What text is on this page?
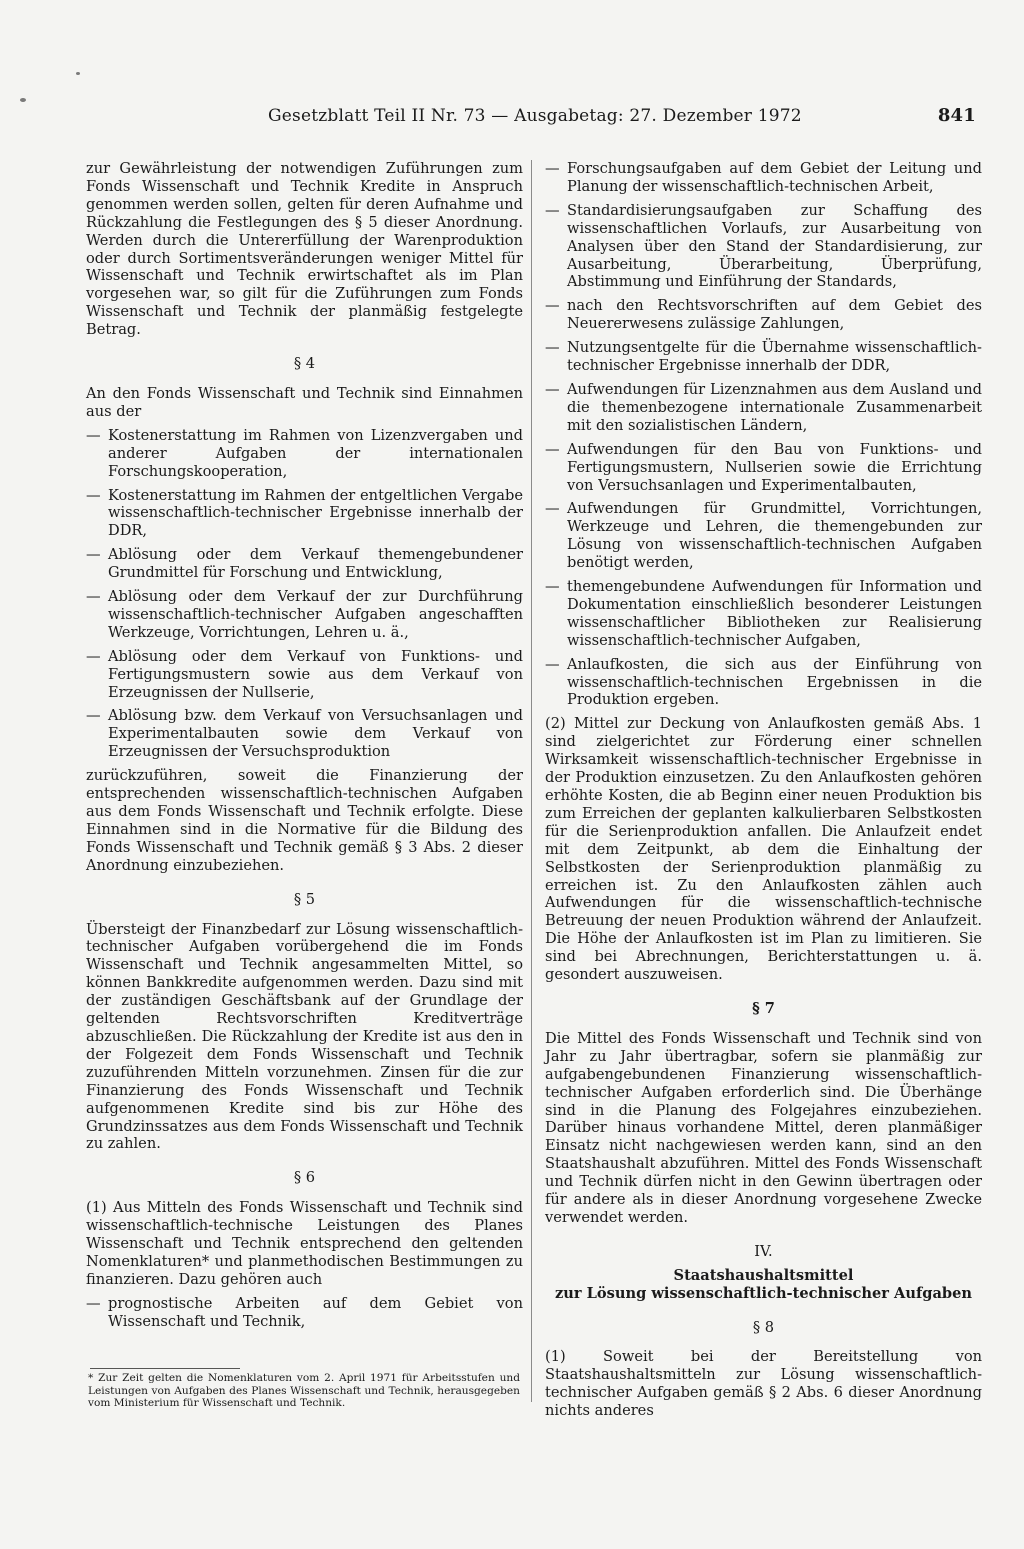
Gesetzblatt Teil II Nr. 73 — Ausgabetag: 27. Dezember 1972	841

zur Gewährleistung der notwendigen Zuführungen zum Fonds Wissenschaft und Technik Kredite in Anspruch genommen werden sollen, gelten für deren Aufnahme und Rückzahlung die Festlegungen des § 5 dieser Anordnung. Werden durch die Untererfüllung der Warenproduktion oder durch Sortimentsveränderungen weniger Mittel für Wissenschaft und Technik erwirtschaftet als im Plan vorgesehen war, so gilt für die Zuführungen zum Fonds Wissenschaft und Technik der planmäßig festgelegte Betrag.

§ 4

An den Fonds Wissenschaft und Technik sind Einnahmen aus der

— Kostenerstattung im Rahmen von Lizenzvergaben und anderer Aufgaben der internationalen Forschungskooperation,
— Kostenerstattung im Rahmen der entgeltlichen Vergabe wissenschaftlich-technischer Ergebnisse innerhalb der DDR,
— Ablösung oder dem Verkauf themengebundener Grundmittel für Forschung und Entwicklung,
— Ablösung oder dem Verkauf der zur Durchführung wissenschaftlich-technischer Aufgaben angeschafften Werkzeuge, Vorrichtungen, Lehren u. ä.,
— Ablösung oder dem Verkauf von Funktions- und Fertigungsmustern sowie aus dem Verkauf von Erzeugnissen der Nullserie,
— Ablösung bzw. dem Verkauf von Versuchsanlagen und Experimentalbauten sowie dem Verkauf von Erzeugnissen der Versuchsproduktion

zurückzuführen, soweit die Finanzierung der entsprechenden wissenschaftlich-technischen Aufgaben aus dem Fonds Wissenschaft und Technik erfolgte. Diese Einnahmen sind in die Normative für die Bildung des Fonds Wissenschaft und Technik gemäß § 3 Abs. 2 dieser Anordnung einzubeziehen.

§ 5

Übersteigt der Finanzbedarf zur Lösung wissenschaftlich-technischer Aufgaben vorübergehend die im Fonds Wissenschaft und Technik angesammelten Mittel, so können Bankkredite aufgenommen werden. Dazu sind mit der zuständigen Geschäftsbank auf der Grundlage der geltenden Rechtsvorschriften Kreditverträge abzuschließen. Die Rückzahlung der Kredite ist aus den in der Folgezeit dem Fonds Wissenschaft und Technik zuzuführenden Mitteln vorzunehmen. Zinsen für die zur Finanzierung des Fonds Wissenschaft und Technik aufgenommenen Kredite sind bis zur Höhe des Grundzinssatzes aus dem Fonds Wissenschaft und Technik zu zahlen.

§ 6

(1) Aus Mitteln des Fonds Wissenschaft und Technik sind wissenschaftlich-technische Leistungen des Planes Wissenschaft und Technik entsprechend den geltenden Nomenklaturen* und planmethodischen Bestimmungen zu finanzieren. Dazu gehören auch

— prognostische Arbeiten auf dem Gebiet von Wissenschaft und Technik,

* Zur Zeit gelten die Nomenklaturen vom 2. April 1971 für Arbeitsstufen und Leistungen von Aufgaben des Planes Wissenschaft und Technik, herausgegeben vom Ministerium für Wissenschaft und Technik.

— Forschungsaufgaben auf dem Gebiet der Leitung und Planung der wissenschaftlich-technischen Arbeit,
— Standardisierungsaufgaben zur Schaffung des wissenschaftlichen Vorlaufs, zur Ausarbeitung von Analysen über den Stand der Standardisierung, zur Ausarbeitung, Überarbeitung, Überprüfung, Abstimmung und Einführung der Standards,
— nach den Rechtsvorschriften auf dem Gebiet des Neuererwesens zulässige Zahlungen,
— Nutzungsentgelte für die Übernahme wissenschaftlich-technischer Ergebnisse innerhalb der DDR,
— Aufwendungen für Lizenznahmen aus dem Ausland und die themenbezogene internationale Zusammenarbeit mit den sozialistischen Ländern,
— Aufwendungen für den Bau von Funktions- und Fertigungsmustern, Nullserien sowie die Errichtung von Versuchsanlagen und Experimentalbauten,
— Aufwendungen für Grundmittel, Vorrichtungen, Werkzeuge und Lehren, die themengebunden zur Lösung von wissenschaftlich-technischen Aufgaben benötigt werden,
— themengebundene Aufwendungen für Information und Dokumentation einschließlich besonderer Leistungen wissenschaftlicher Bibliotheken zur Realisierung wissenschaftlich-technischer Aufgaben,
— Anlaufkosten, die sich aus der Einführung von wissenschaftlich-technischen Ergebnissen in die Produktion ergeben.

(2) Mittel zur Deckung von Anlaufkosten gemäß Abs. 1 sind zielgerichtet zur Förderung einer schnellen Wirksamkeit wissenschaftlich-technischer Ergebnisse in der Produktion einzusetzen. Zu den Anlaufkosten gehören erhöhte Kosten, die ab Beginn einer neuen Produktion bis zum Erreichen der geplanten kalkulierbaren Selbstkosten für die Serienproduktion anfallen. Die Anlaufzeit endet mit dem Zeitpunkt, ab dem die Einhaltung der Selbstkosten der Serienproduktion planmäßig zu erreichen ist. Zu den Anlaufkosten zählen auch Aufwendungen für die wissenschaftlich-technische Betreuung der neuen Produktion während der Anlaufzeit. Die Höhe der Anlaufkosten ist im Plan zu limitieren. Sie sind bei Abrechnungen, Berichterstattungen u. ä. gesondert auszuweisen.

§ 7

Die Mittel des Fonds Wissenschaft und Technik sind von Jahr zu Jahr übertragbar, sofern sie planmäßig zur aufgabengebundenen Finanzierung wissenschaftlich-technischer Aufgaben erforderlich sind. Die Überhänge sind in die Planung des Folgejahres einzubeziehen. Darüber hinaus vorhandene Mittel, deren planmäßiger Einsatz nicht nachgewiesen werden kann, sind an den Staatshaushalt abzuführen. Mittel des Fonds Wissenschaft und Technik dürfen nicht in den Gewinn übertragen oder für andere als in dieser Anordnung vorgesehene Zwecke verwendet werden.

IV.

Staatshaushaltsmittel

zur Lösung wissenschaftlich-technischer Aufgaben

§ 8

(1) Soweit bei der Bereitstellung von Staatshaushaltsmitteln zur Lösung wissenschaftlich-technischer Aufgaben gemäß § 2 Abs. 6 dieser Anordnung nichts anderes
